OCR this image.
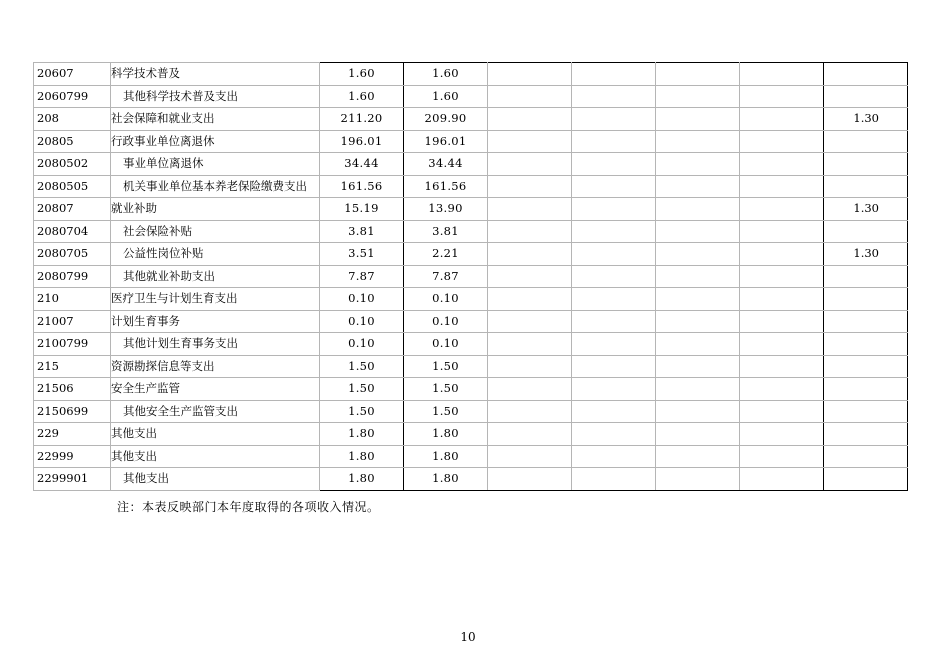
20607	科学技术普及	1.60	1.60					
2060799	其他科学技术普及支出	1.60	1.60					
208	社会保障和就业支出	211.20	209.90					1.30
20805	行政事业单位离退休	196.01	196.01					
2080502	事业单位离退休	34.44	34.44					
2080505	机关事业单位基本养老保险缴费支出	161.56	161.56					
20807	就业补助	15.19	13.90					1.30
2080704	社会保险补贴	3.81	3.81					
2080705	公益性岗位补贴	3.51	2.21					1.30
2080799	其他就业补助支出	7.87	7.87					
210	医疗卫生与计划生育支出	0.10	0.10					
21007	计划生育事务	0.10	0.10					
2100799	其他计划生育事务支出	0.10	0.10					
215	资源勘探信息等支出	1.50	1.50					
21506	安全生产监管	1.50	1.50					
2150699	其他安全生产监管支出	1.50	1.50					
229	其他支出	1.80	1.80					
22999	其他支出	1.80	1.80					
2299901	其他支出	1.80	1.80					
注：本表反映部门本年度取得的各项收入情况。
10
